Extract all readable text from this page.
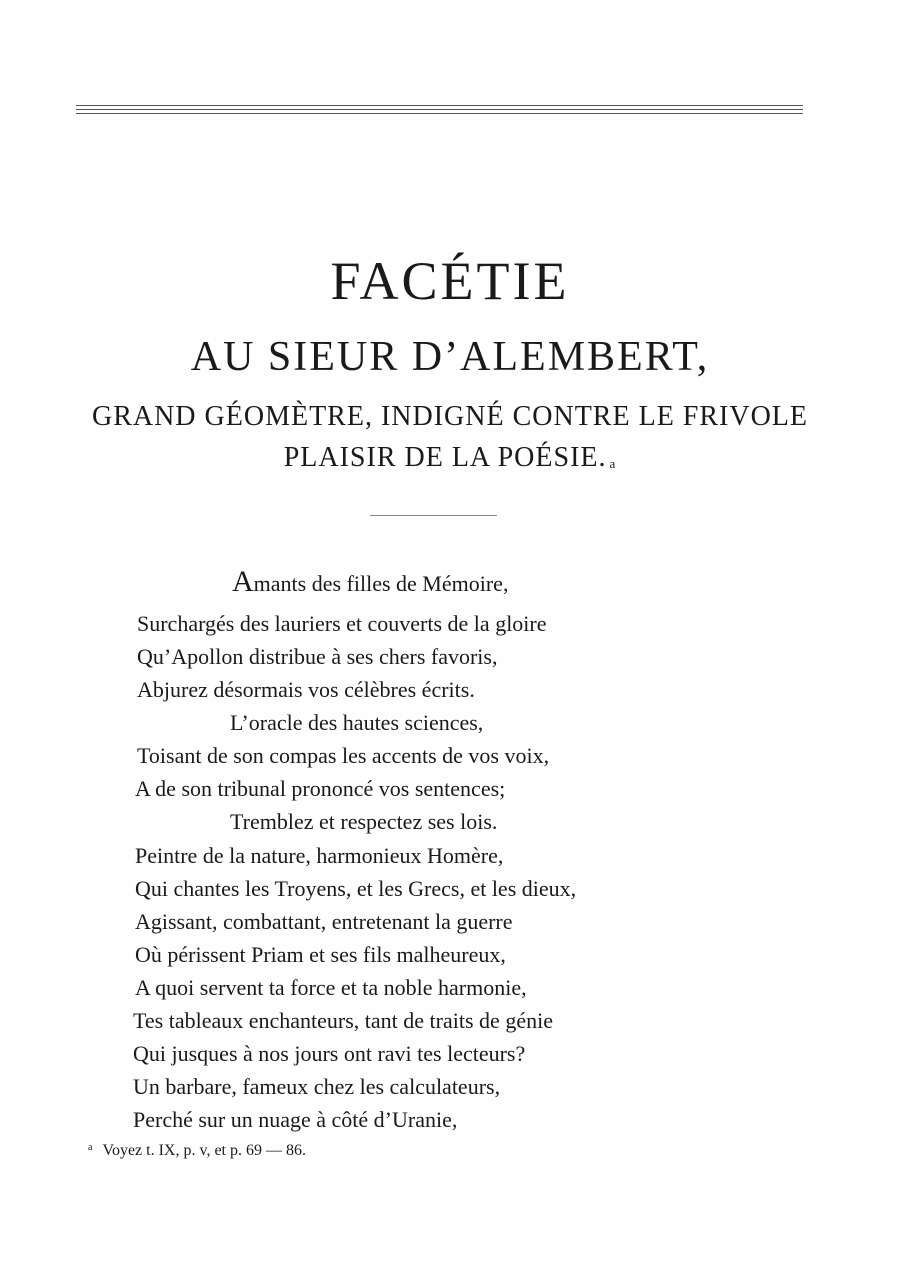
FACÉTIE
AU SIEUR D’ALEMBERT,
GRAND GÉOMÈTRE, INDIGNÉ CONTRE LE FRIVOLE
PLAISIR DE LA POÉSIE. $^a$
Amants des filles de Mémoire,
Surchargés des lauriers et couverts de la gloire
Qu’Apollon distribue à ses chers favoris,
Abjurez désormais vos célèbres écrits.
L’oracle des hautes sciences,
Toisant de son compas les accents de vos voix,
A de son tribunal prononcé vos sentences;
Tremblez et respectez ses lois.
Peintre de la nature, harmonieux Homère,
Qui chantes les Troyens, et les Grecs, et les dieux,
Agissant, combattant, entretenant la guerre
Où périssent Priam et ses fils malheureux,
A quoi servent ta force et ta noble harmonie,
Tes tableaux enchanteurs, tant de traits de génie
Qui jusques à nos jours ont ravi tes lecteurs?
Un barbare, fameux chez les calculateurs,
Perché sur un nuage à côté d’Uranie,
$^a$ Voyez t. IX, p. v, et p. 69 — 86.
